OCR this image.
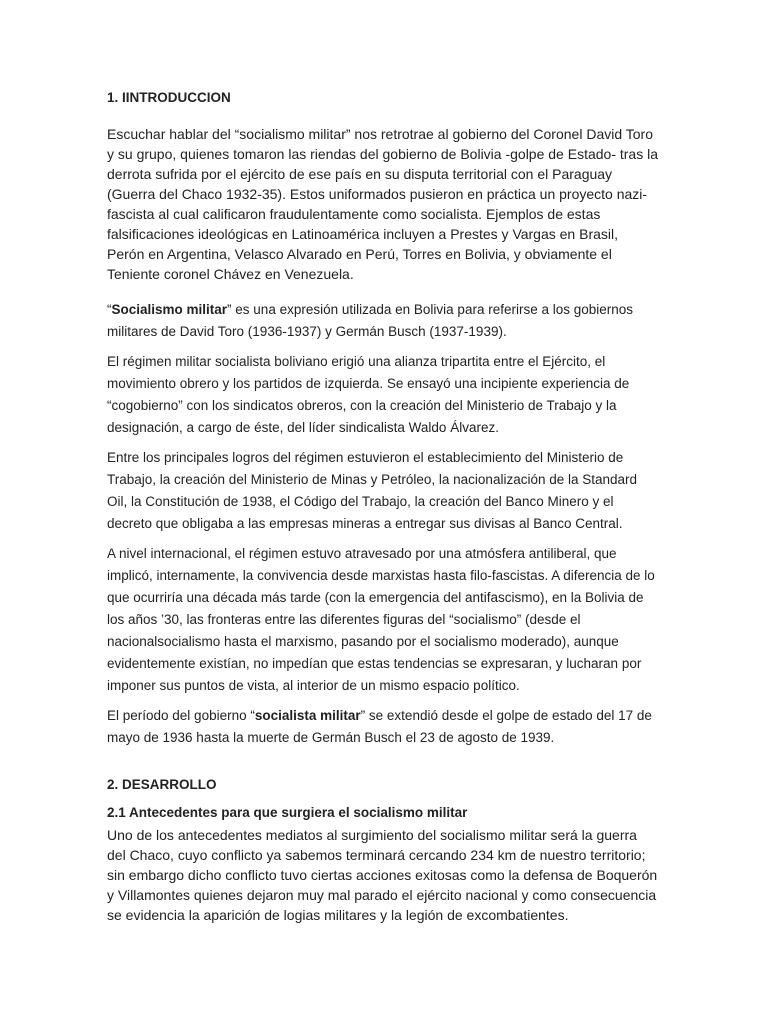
1. IINTRODUCCION
Escuchar hablar del “socialismo militar” nos retrotrae al gobierno del Coronel David Toro y su grupo, quienes tomaron las riendas del gobierno de Bolivia -golpe de Estado- tras la derrota sufrida por el ejército de ese país en su disputa territorial con el Paraguay (Guerra del Chaco 1932-35). Estos uniformados pusieron en práctica un proyecto nazi-fascista al cual calificaron fraudulentamente como socialista. Ejemplos de estas falsificaciones ideológicas en Latinoamérica incluyen a Prestes y Vargas en Brasil, Perón en Argentina, Velasco Alvarado en Perú, Torres en Bolivia, y obviamente el Teniente coronel Chávez en Venezuela.
“Socialismo militar” es una expresión utilizada en Bolivia para referirse a los gobiernos militares de David Toro (1936-1937) y Germán Busch (1937-1939).
El régimen militar socialista boliviano erigió una alianza tripartita entre el Ejército, el movimiento obrero y los partidos de izquierda. Se ensayó una incipiente experiencia de “cogobierno” con los sindicatos obreros, con la creación del Ministerio de Trabajo y la designación, a cargo de éste, del líder sindicalista Waldo Álvarez.
Entre los principales logros del régimen estuvieron el establecimiento del Ministerio de Trabajo, la creación del Ministerio de Minas y Petróleo, la nacionalización de la Standard Oil, la Constitución de 1938, el Código del Trabajo, la creación del Banco Minero y el decreto que obligaba a las empresas mineras a entregar sus divisas al Banco Central.
A nivel internacional, el régimen estuvo atravesado por una atmósfera antiliberal, que implicó, internamente, la convivencia desde marxistas hasta filo-fascistas. A diferencia de lo que ocurriría una década más tarde (con la emergencia del antifascismo), en la Bolivia de los años ’30, las fronteras entre las diferentes figuras del “socialismo” (desde el nacionalsocialismo hasta el marxismo, pasando por el socialismo moderado), aunque evidentemente existían, no impedían que estas tendencias se expresaran, y lucharan por imponer sus puntos de vista, al interior de un mismo espacio político.
El período del gobierno “socialista militar” se extendió desde el golpe de estado del 17 de mayo de 1936 hasta la muerte de Germán Busch el 23 de agosto de 1939.
2. DESARROLLO
2.1 Antecedentes para que surgiera el socialismo militar
Uno de los antecedentes mediatos al surgimiento del socialismo militar será la guerra del Chaco, cuyo conflicto ya sabemos terminará cercando 234 km de nuestro territorio; sin embargo dicho conflicto tuvo ciertas acciones exitosas como la defensa de Boquerón y Villamontes quienes dejaron muy mal parado el ejército nacional y como consecuencia se evidencia la aparición de logias militares y la legión de excombatientes.
